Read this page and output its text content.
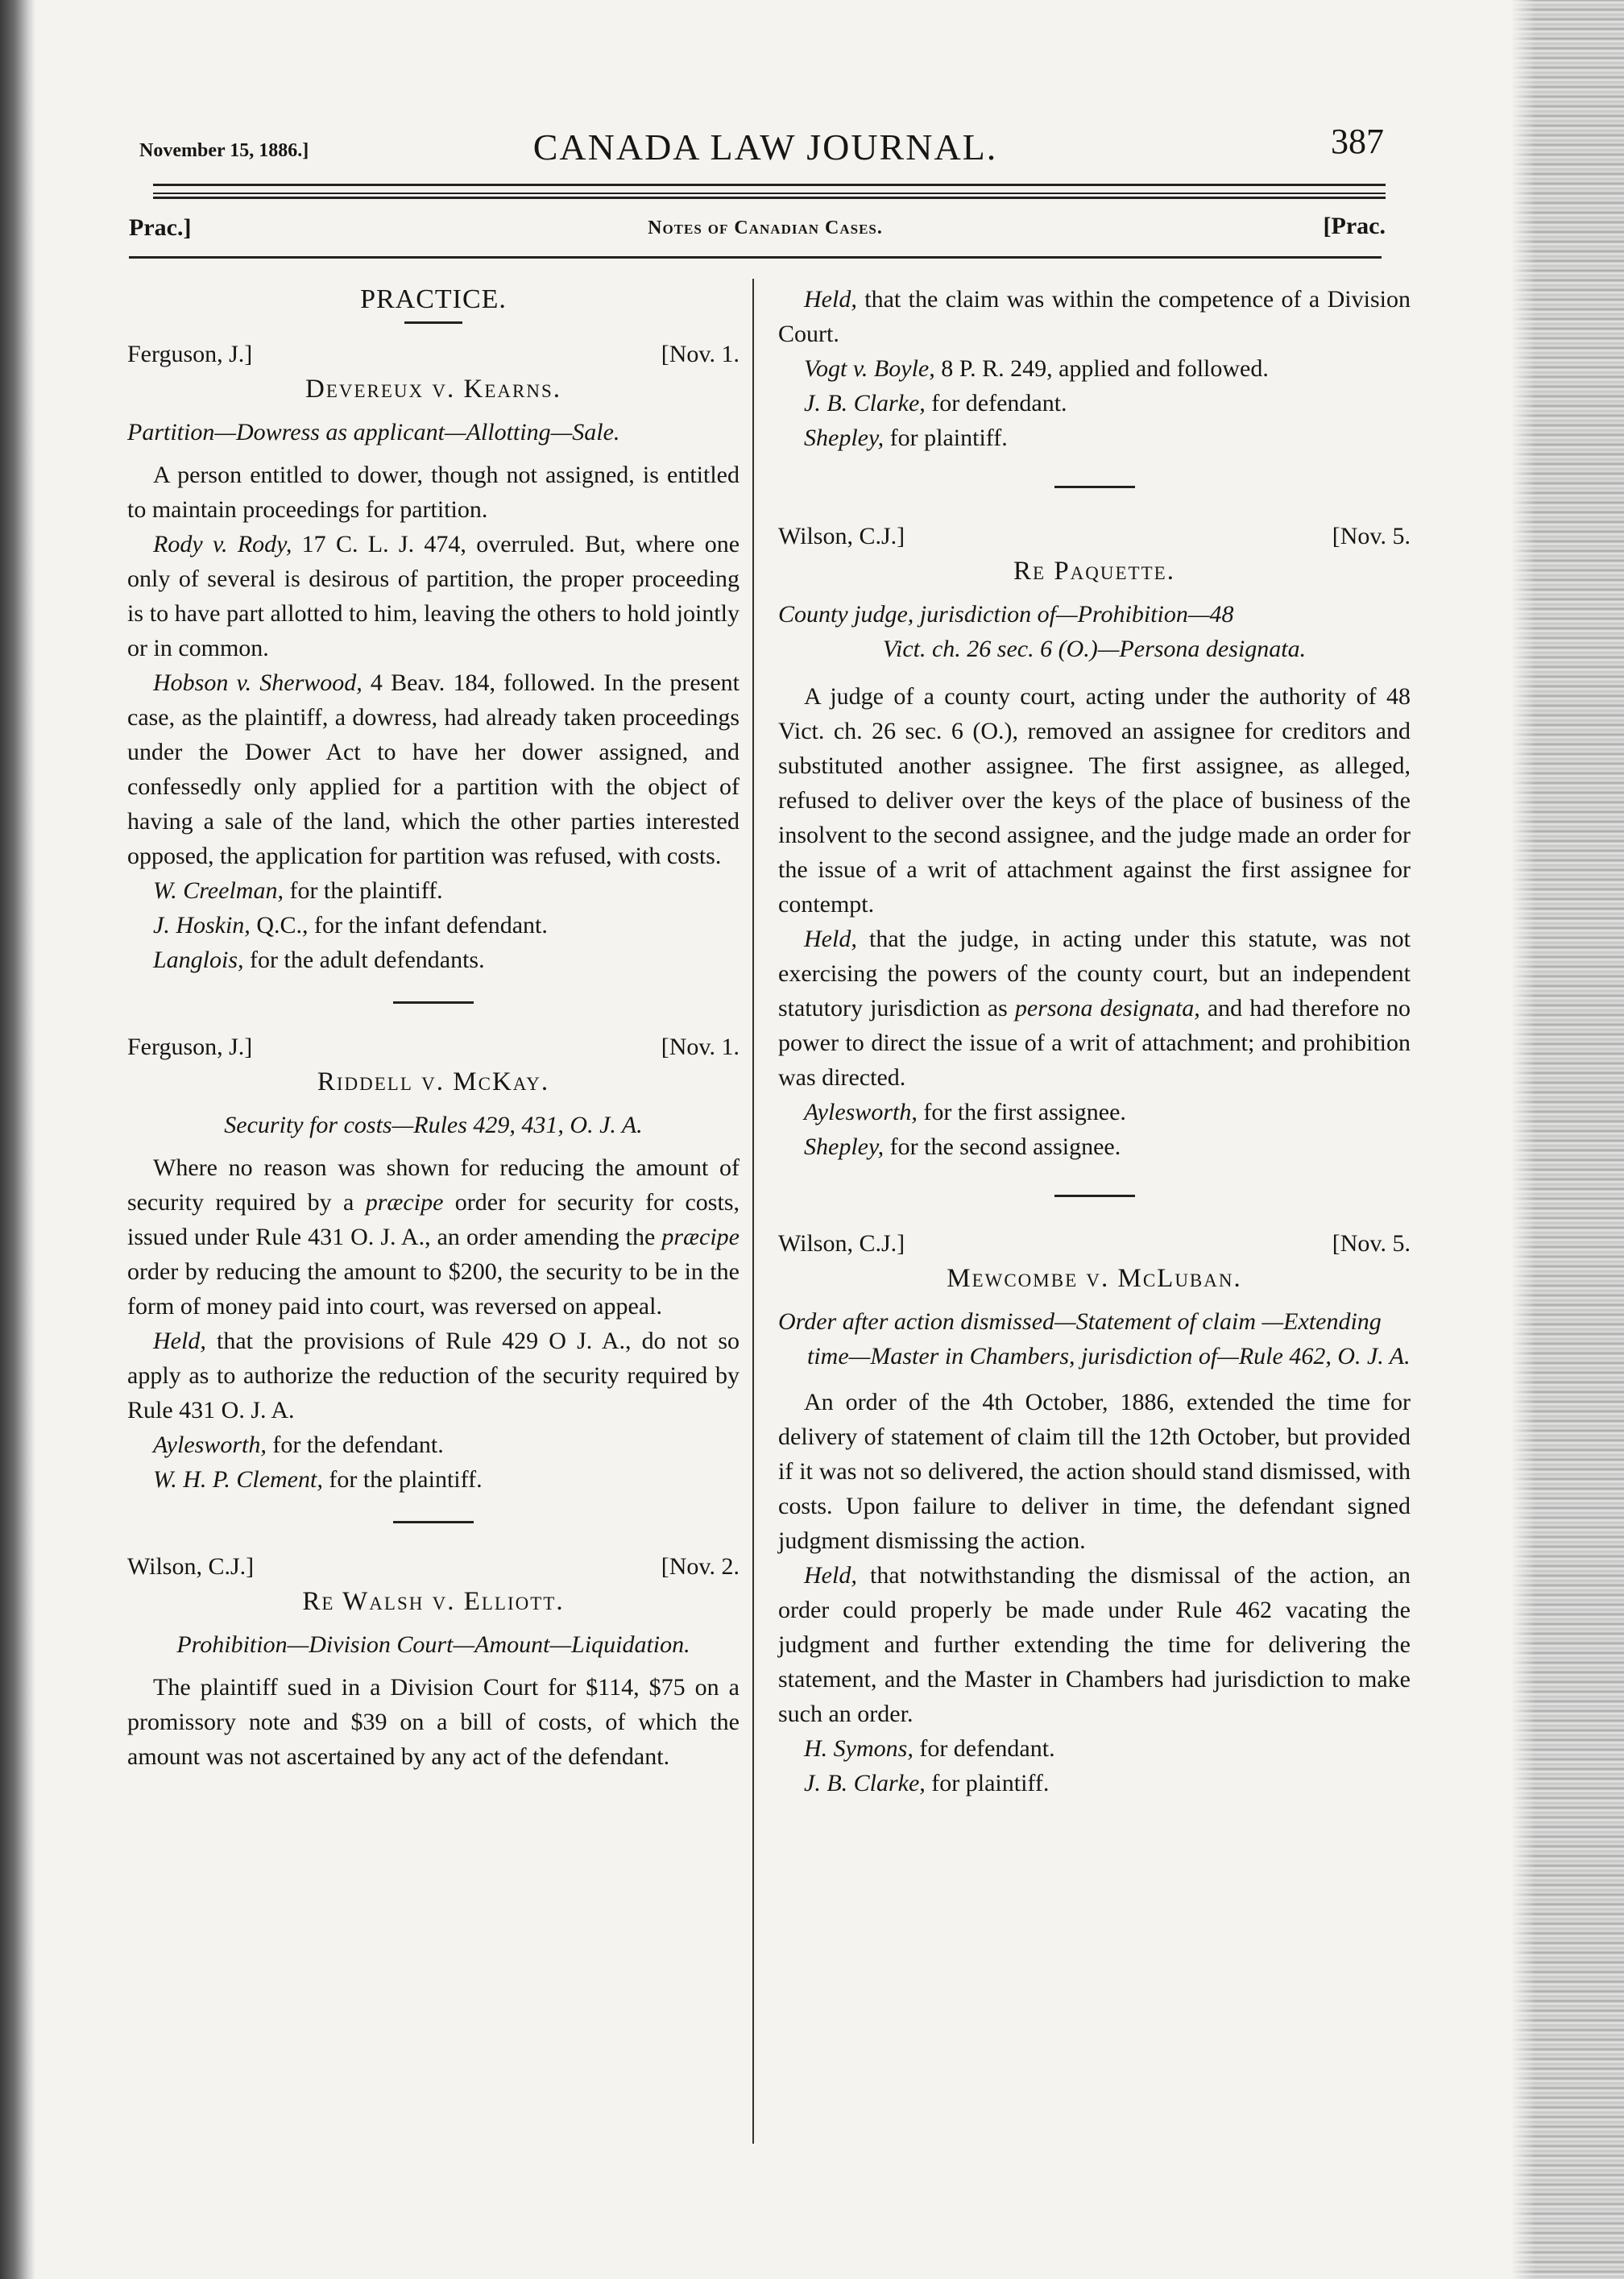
November 15, 1886.]	CANADA LAW JOURNAL.	387
Prac.]	Notes of Canadian Cases.	[Prac.
PRACTICE.
Ferguson, J.]	[Nov. 1.
Devereux v. Kearns.
Partition—Dowress as applicant—Allotting—Sale.

A person entitled to dower, though not assigned, is entitled to maintain proceedings for partition.

Rody v. Rody, 17 C. L. J. 474, overruled. But, where one only of several is desirous of partition, the proper proceeding is to have part allotted to him, leaving the others to hold jointly or in common.

Hobson v. Sherwood, 4 Beav. 184, followed. In the present case, as the plaintiff, a dowress, had already taken proceedings under the Dower Act to have her dower assigned, and confessedly only applied for a partition with the object of having a sale of the land, which the other parties interested opposed, the application for partition was refused, with costs.

W. Creelman, for the plaintiff.

J. Hoskin, Q.C., for the infant defendant.

Langlois, for the adult defendants.

Ferguson, J.]	[Nov. 1.
Riddell v. McKay.
Security for costs—Rules 429, 431, O. J. A.

Where no reason was shown for reducing the amount of security required by a præcipe order for security for costs, issued under Rule 431 O. J. A., an order amending the præcipe order by reducing the amount to $200, the security to be in the form of money paid into court, was reversed on appeal.

Held, that the provisions of Rule 429 O J. A., do not so apply as to authorize the reduction of the security required by Rule 431 O. J. A.

Aylesworth, for the defendant.

W. H. P. Clement, for the plaintiff.

Wilson, C.J.]	[Nov. 2.
Re Walsh v. Elliott.
Prohibition—Division Court—Amount—Liquidation.

The plaintiff sued in a Division Court for $114, $75 on a promissory note and $39 on a bill of costs, of which the amount was not ascertained by any act of the defendant.

Held, that the claim was within the competence of a Division Court.

Vogt v. Boyle, 8 P. R. 249, applied and followed.

J. B. Clarke, for defendant.

Shepley, for plaintiff.

Wilson, C.J.]	[Nov. 5.
Re Paquette.
County judge, jurisdiction of—Prohibition—48
Vict. ch. 26 sec. 6 (O.)—Persona designata.

A judge of a county court, acting under the authority of 48 Vict. ch. 26 sec. 6 (O.), removed an assignee for creditors and substituted another assignee. The first assignee, as alleged, refused to deliver over the keys of the place of business of the insolvent to the second assignee, and the judge made an order for the issue of a writ of attachment against the first assignee for contempt.

Held, that the judge, in acting under this statute, was not exercising the powers of the county court, but an independent statutory jurisdiction as persona designata, and had therefore no power to direct the issue of a writ of attachment; and prohibition was directed.

Aylesworth, for the first assignee.

Shepley, for the second assignee.

Wilson, C.J.]	[Nov. 5.
Mewcombe v. McLuban.
Order after action dismissed—Statement of claim —Extending time—Master in Chambers, jurisdiction of—Rule 462, O. J. A.

An order of the 4th October, 1886, extended the time for delivery of statement of claim till the 12th October, but provided if it was not so delivered, the action should stand dismissed, with costs. Upon failure to deliver in time, the defendant signed judgment dismissing the action.

Held, that notwithstanding the dismissal of the action, an order could properly be made under Rule 462 vacating the judgment and further extending the time for delivering the statement, and the Master in Chambers had jurisdiction to make such an order.

H. Symons, for defendant.

J. B. Clarke, for plaintiff.
